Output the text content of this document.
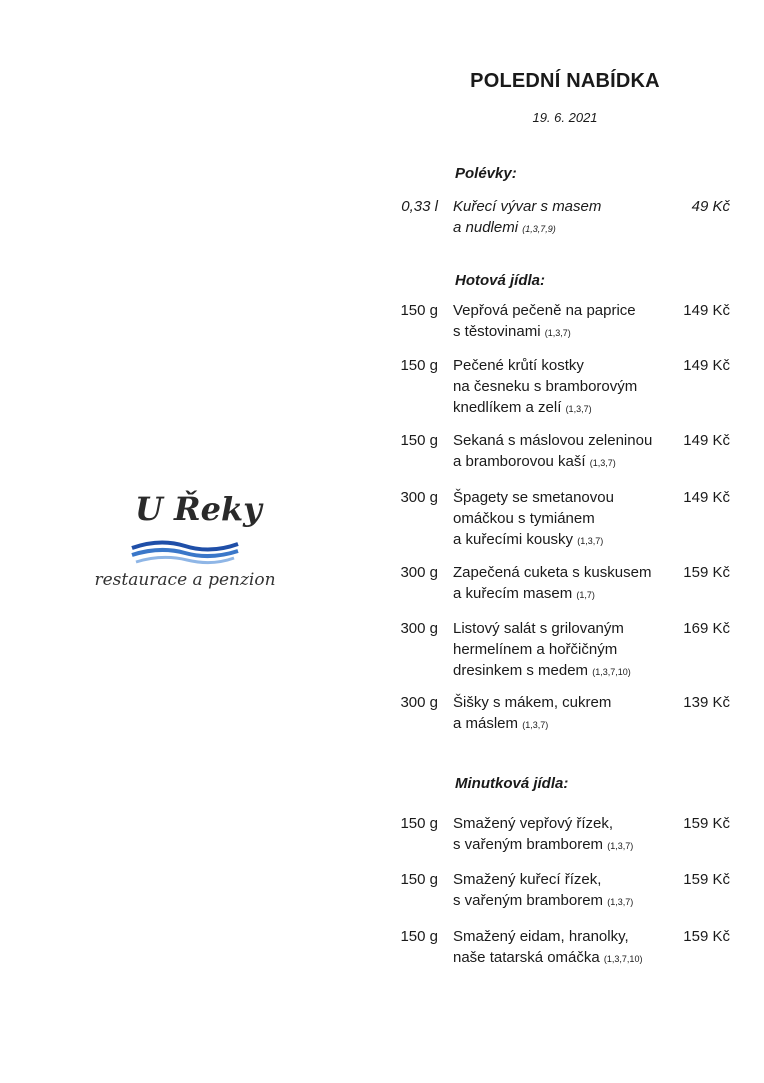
POLEDNÍ NABÍDKA
19. 6. 2021
U Řeky
restaurace a penzion
Polévky:
0,33 l Kuřecí vývar s masem
a nudlemi (1,3,7,9)
49 Kč
Hotová jídla:
150 g Vepřová pečeně na paprice
s těstovinami (1,3,7)
149 Kč
150 g Pečené krůtí kostky
na česneku s bramborovým
knedlíkem a zelí (1,3,7)
149 Kč
150 g Sekaná s máslovou zeleninou
a bramborovou kaší (1,3,7)
149 Kč
300 g Špagety se smetanovou
omáčkou s tymiánem
a kuřecími kousky (1,3,7)
149 Kč
300 g Zapečená cuketa s kuskusem
a kuřecím masem (1,7)
159 Kč
300 g Listový salát s grilovaným
hermelínem a hořčičným
dresinkem s medem (1,3,7,10)
169 Kč
300 g Šišky s mákem, cukrem
a máslem (1,3,7)
139 Kč
Minutková jídla:
150 g Smažený vepřový řízek,
s vařeným bramborem (1,3,7)
159 Kč
150 g Smažený kuřecí řízek,
s vařeným bramborem (1,3,7)
159 Kč
150 g Smažený eidam, hranolky,
naše tatarská omáčka (1,3,7,10)
159 Kč
